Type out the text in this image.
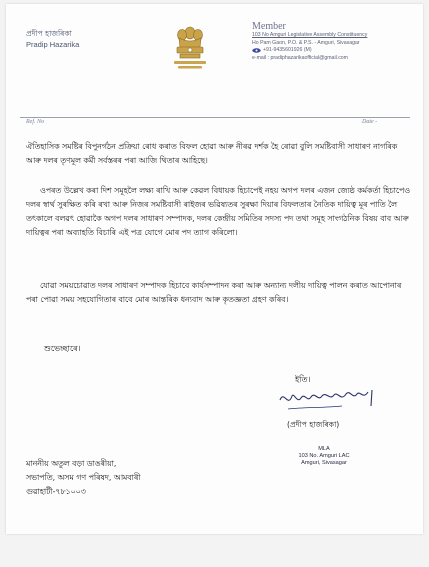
প্ৰদীপ হাজৰিকা
Pradip Hazarika
Member
103 No Amguri Legislative Assembly Constituency
Ho Pam Gaon, P.O. & P.S. - Amguri, Sivasagar
+91-9435601926 (M)
e-mail : pradiphazarikaofficial@gmail.com
Ref. No	Date -
ঐতিহাসিক সমষ্টিৰ বিপুনৰ্গঠন প্ৰক্ৰিয়া ৰোধ কৰাত বিফল হোৱা আৰু নীৰৱ দৰ্শক হৈ ৰোৱা বুলি সমষ্টিবাসী সাধাৰণ নাগৰিক আৰু দলৰ তৃণমূল কৰ্মী সৰ্বস্তৰৰ পৰা আজি থিতাৰ আহিছে।
ওপৰত উল্লেখ কৰা দিশ সমূহলৈ লক্ষ্য ৰাখি আৰু কেৱল বিধায়ক হিচাপেই নহয় অগপ দলৰ এজন জ্যেষ্ঠ কৰ্মকৰ্তা হিচাপেও দলৰ স্বাৰ্থ সুৰক্ষিত কৰি ৰখা আৰু নিজৰ সমষ্টিবাসী ৰাইজৰ ভৱিষ্যতৰ সুৰক্ষা দিয়াৰ বিফলতাৰ নৈতিক দায়িত্ব মূৰ পাতি লৈ তৎকালে বলৱৎ হোৱাকৈ অগপ দলৰ সাধাৰণ সম্পাদক, দলৰ কেন্দ্ৰীয় সমিতিৰ সদস্য পদ তথা সমূহ সাংগঠনিক বিষয় বাব আৰু দায়িত্বৰ পৰা অব্যাহতি বিচাৰি এই পত্ৰ যোগে মোৰ পদ ত্যাগ কৰিলো।
যোৱা সময়চোৱাত দলৰ সাধাৰণ সম্পাদক হিচাবে কাৰ্যসম্পাদন কৰা আৰু অন্যান্য দলীয় দায়িত্ব পালন কৰাত আপোনাৰ পৰা পোৱা সময় সহযোগিতাৰ বাবে মোৰ আন্তৰিক ধন্যবাদ আৰু কৃতজ্ঞতা গ্ৰহণ কৰিব।
শুভেচ্ছাৰে।
ইতি।
(প্ৰদীপ হাজৰিকা)
মাননীয় অতুল বড়া ডাঙৰীয়া,
সভাপতি, অসম গণ পৰিষদ, আমবাৰী
গুৱাহাটী-৭৮১০০৩
MLA
103 No. Amguri LAC
Amguri, Sivasagar
